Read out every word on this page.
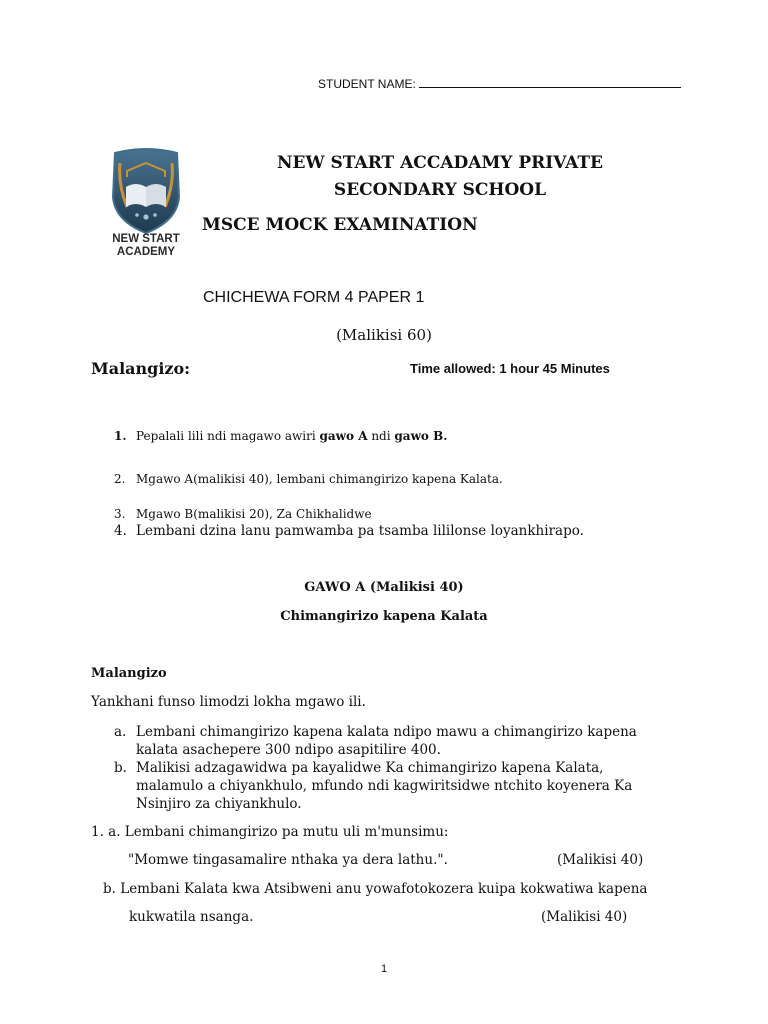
STUDENT NAME:
NEW START
ACADEMY
NEW START ACCADAMY PRIVATE SECONDARY SCHOOL
MSCE MOCK EXAMINATION
CHICHEWA FORM 4 PAPER 1
(Malikisi 60)
Malangizo:	Time allowed: 1 hour 45 Minutes
1. Pepalali lili ndi magawo awiri gawo A ndi gawo B.
2. Mgawo A(malikisi 40), lembani chimangirizo kapena Kalata.
3. Mgawo B(malikisi 20), Za Chikhalidwe
4. Lembani dzina lanu pamwamba pa tsamba lililonse loyankhirapo.
GAWO A (Malikisi 40)
Chimangirizo kapena Kalata
Malangizo
Yankhani funso limodzi lokha mgawo ili.
a. Lembani chimangirizo kapena kalata ndipo mawu a chimangirizo kapena kalata asachepere 300 ndipo asapitilire 400.
b. Malikisi adzagawidwa pa kayalidwe Ka chimangirizo kapena Kalata, malamulo a chiyankhulo, mfundo ndi kagwiritsidwe ntchito koyenera Ka Nsinjiro za chiyankhulo.
1. a. Lembani chimangirizo pa mutu uli m'munsimu:
"Momwe tingasamalire nthaka ya dera lathu.".	(Malikisi 40)
b. Lembani Kalata kwa Atsibweni anu yowafotokozera kuipa kokwatiwa kapena
kukwatila nsanga.	(Malikisi 40)
1
